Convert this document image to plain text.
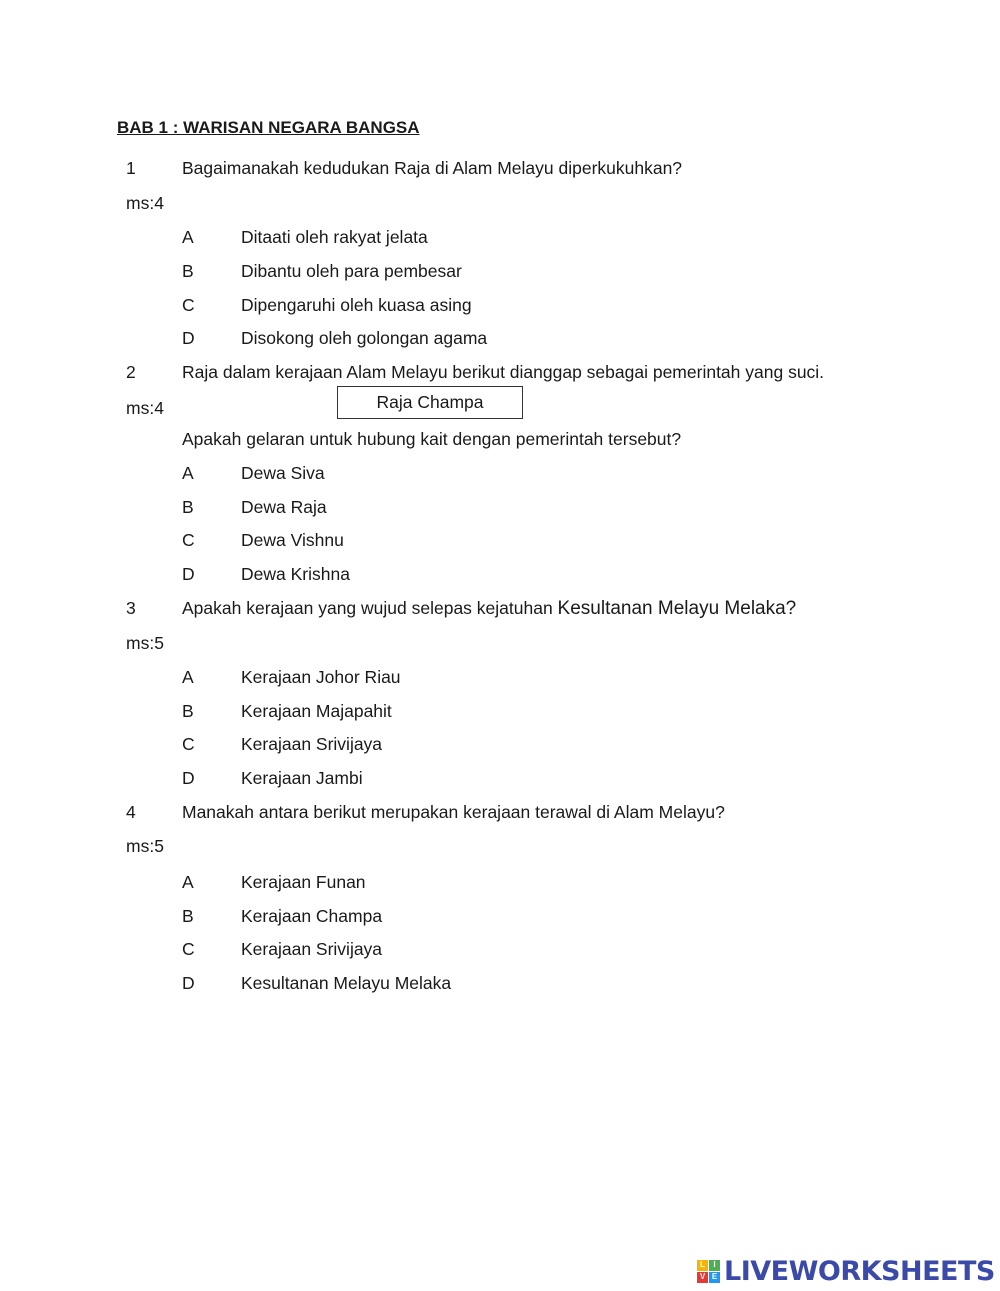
BAB 1 : WARISAN NEGARA BANGSA
1	Bagaimanakah kedudukan Raja di Alam Melayu diperkukuhkan?
ms:4
A	Ditaati oleh rakyat jelata
B	Dibantu oleh para pembesar
C	Dipengaruhi oleh kuasa asing
D	Disokong oleh golongan agama
2	Raja dalam kerajaan Alam Melayu berikut dianggap sebagai pemerintah yang suci.
ms:4	Raja Champa
Apakah gelaran untuk hubung kait dengan pemerintah tersebut?
A	Dewa Siva
B	Dewa Raja
C	Dewa Vishnu
D	Dewa Krishna
3	Apakah kerajaan yang wujud selepas kejatuhan Kesultanan Melayu Melaka?
ms:5
A	Kerajaan Johor Riau
B	Kerajaan Majapahit
C	Kerajaan Srivijaya
D	Kerajaan Jambi
4	Manakah antara berikut merupakan kerajaan terawal di Alam Melayu?
ms:5
A	Kerajaan Funan
B	Kerajaan Champa
C	Kerajaan Srivijaya
D	Kesultanan Melayu Melaka
L	I
V E LIVEWORKSHEETS
